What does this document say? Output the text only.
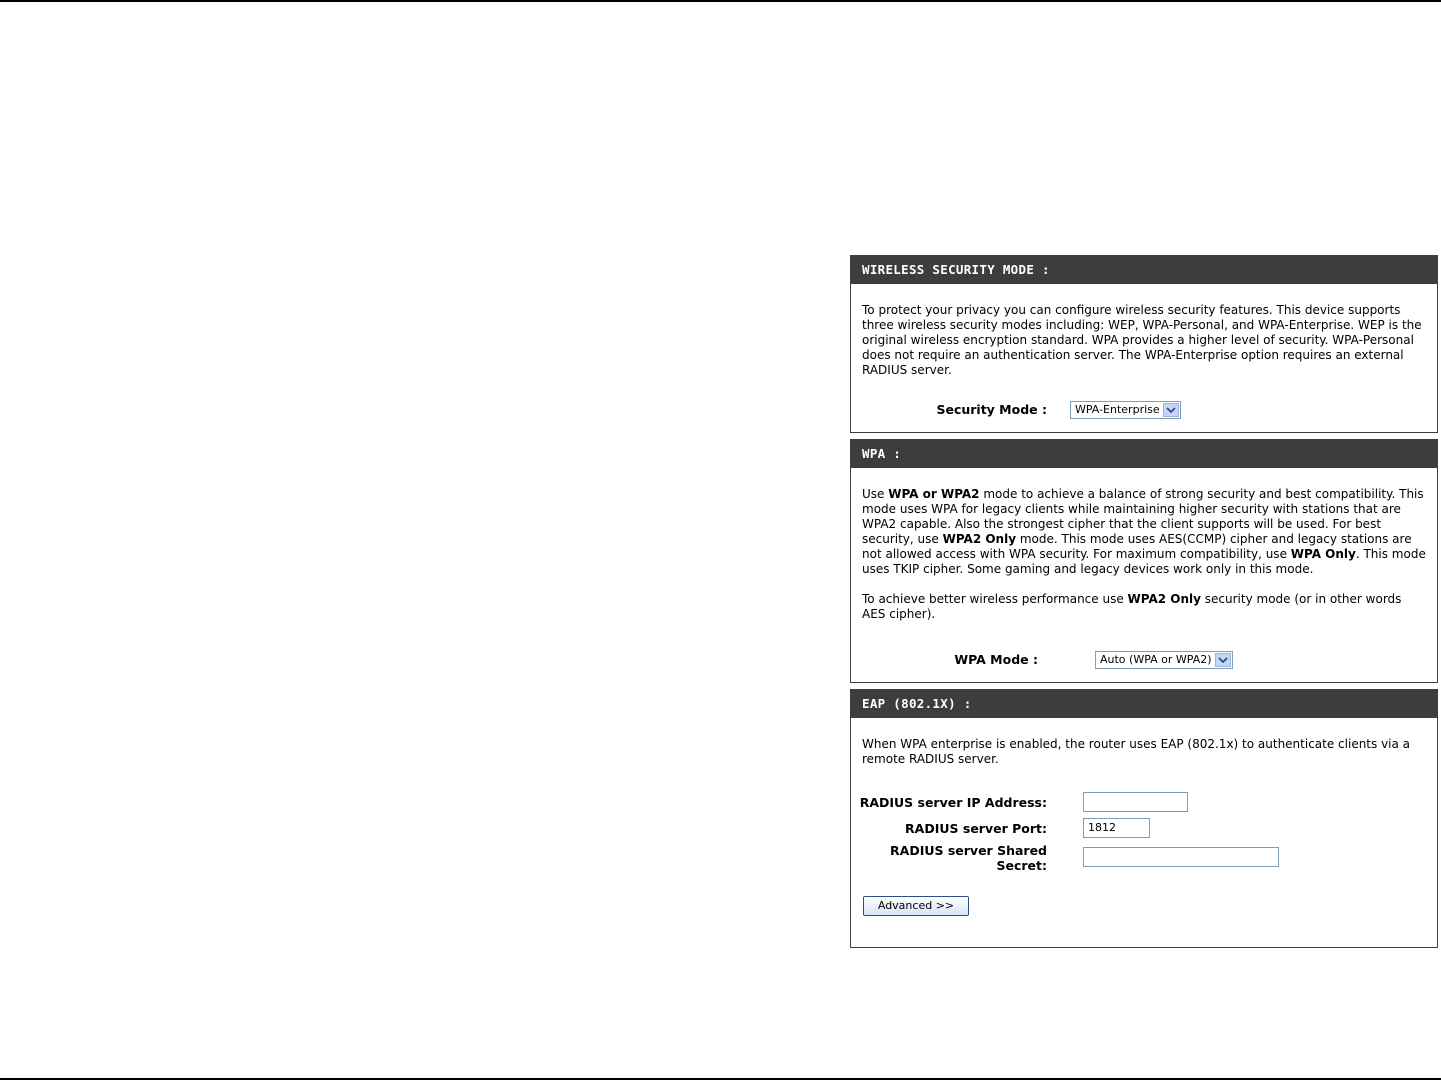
WIRELESS SECURITY MODE :

To protect your privacy you can configure wireless security features. This device supports three wireless security modes including: WEP, WPA-Personal, and WPA-Enterprise. WEP is the original wireless encryption standard. WPA provides a higher level of security. WPA-Personal does not require an authentication server. The WPA-Enterprise option requires an external RADIUS server.

Security Mode :	WPA-Enterprise
WPA :

Use WPA or WPA2 mode to achieve a balance of strong security and best compatibility. This mode uses WPA for legacy clients while maintaining higher security with stations that are WPA2 capable. Also the strongest cipher that the client supports will be used. For best security, use WPA2 Only mode. This mode uses AES(CCMP) cipher and legacy stations are not allowed access with WPA security. For maximum compatibility, use WPA Only. This mode uses TKIP cipher. Some gaming and legacy devices work only in this mode.

To achieve better wireless performance use WPA2 Only security mode (or in other words AES cipher).

WPA Mode :	Auto (WPA or WPA2)
EAP (802.1X) :

When WPA enterprise is enabled, the router uses EAP (802.1x) to authenticate clients via a remote RADIUS server.

RADIUS server IP Address:
RADIUS server Port:	1812
RADIUS server Shared
Secret:
Advanced >>
